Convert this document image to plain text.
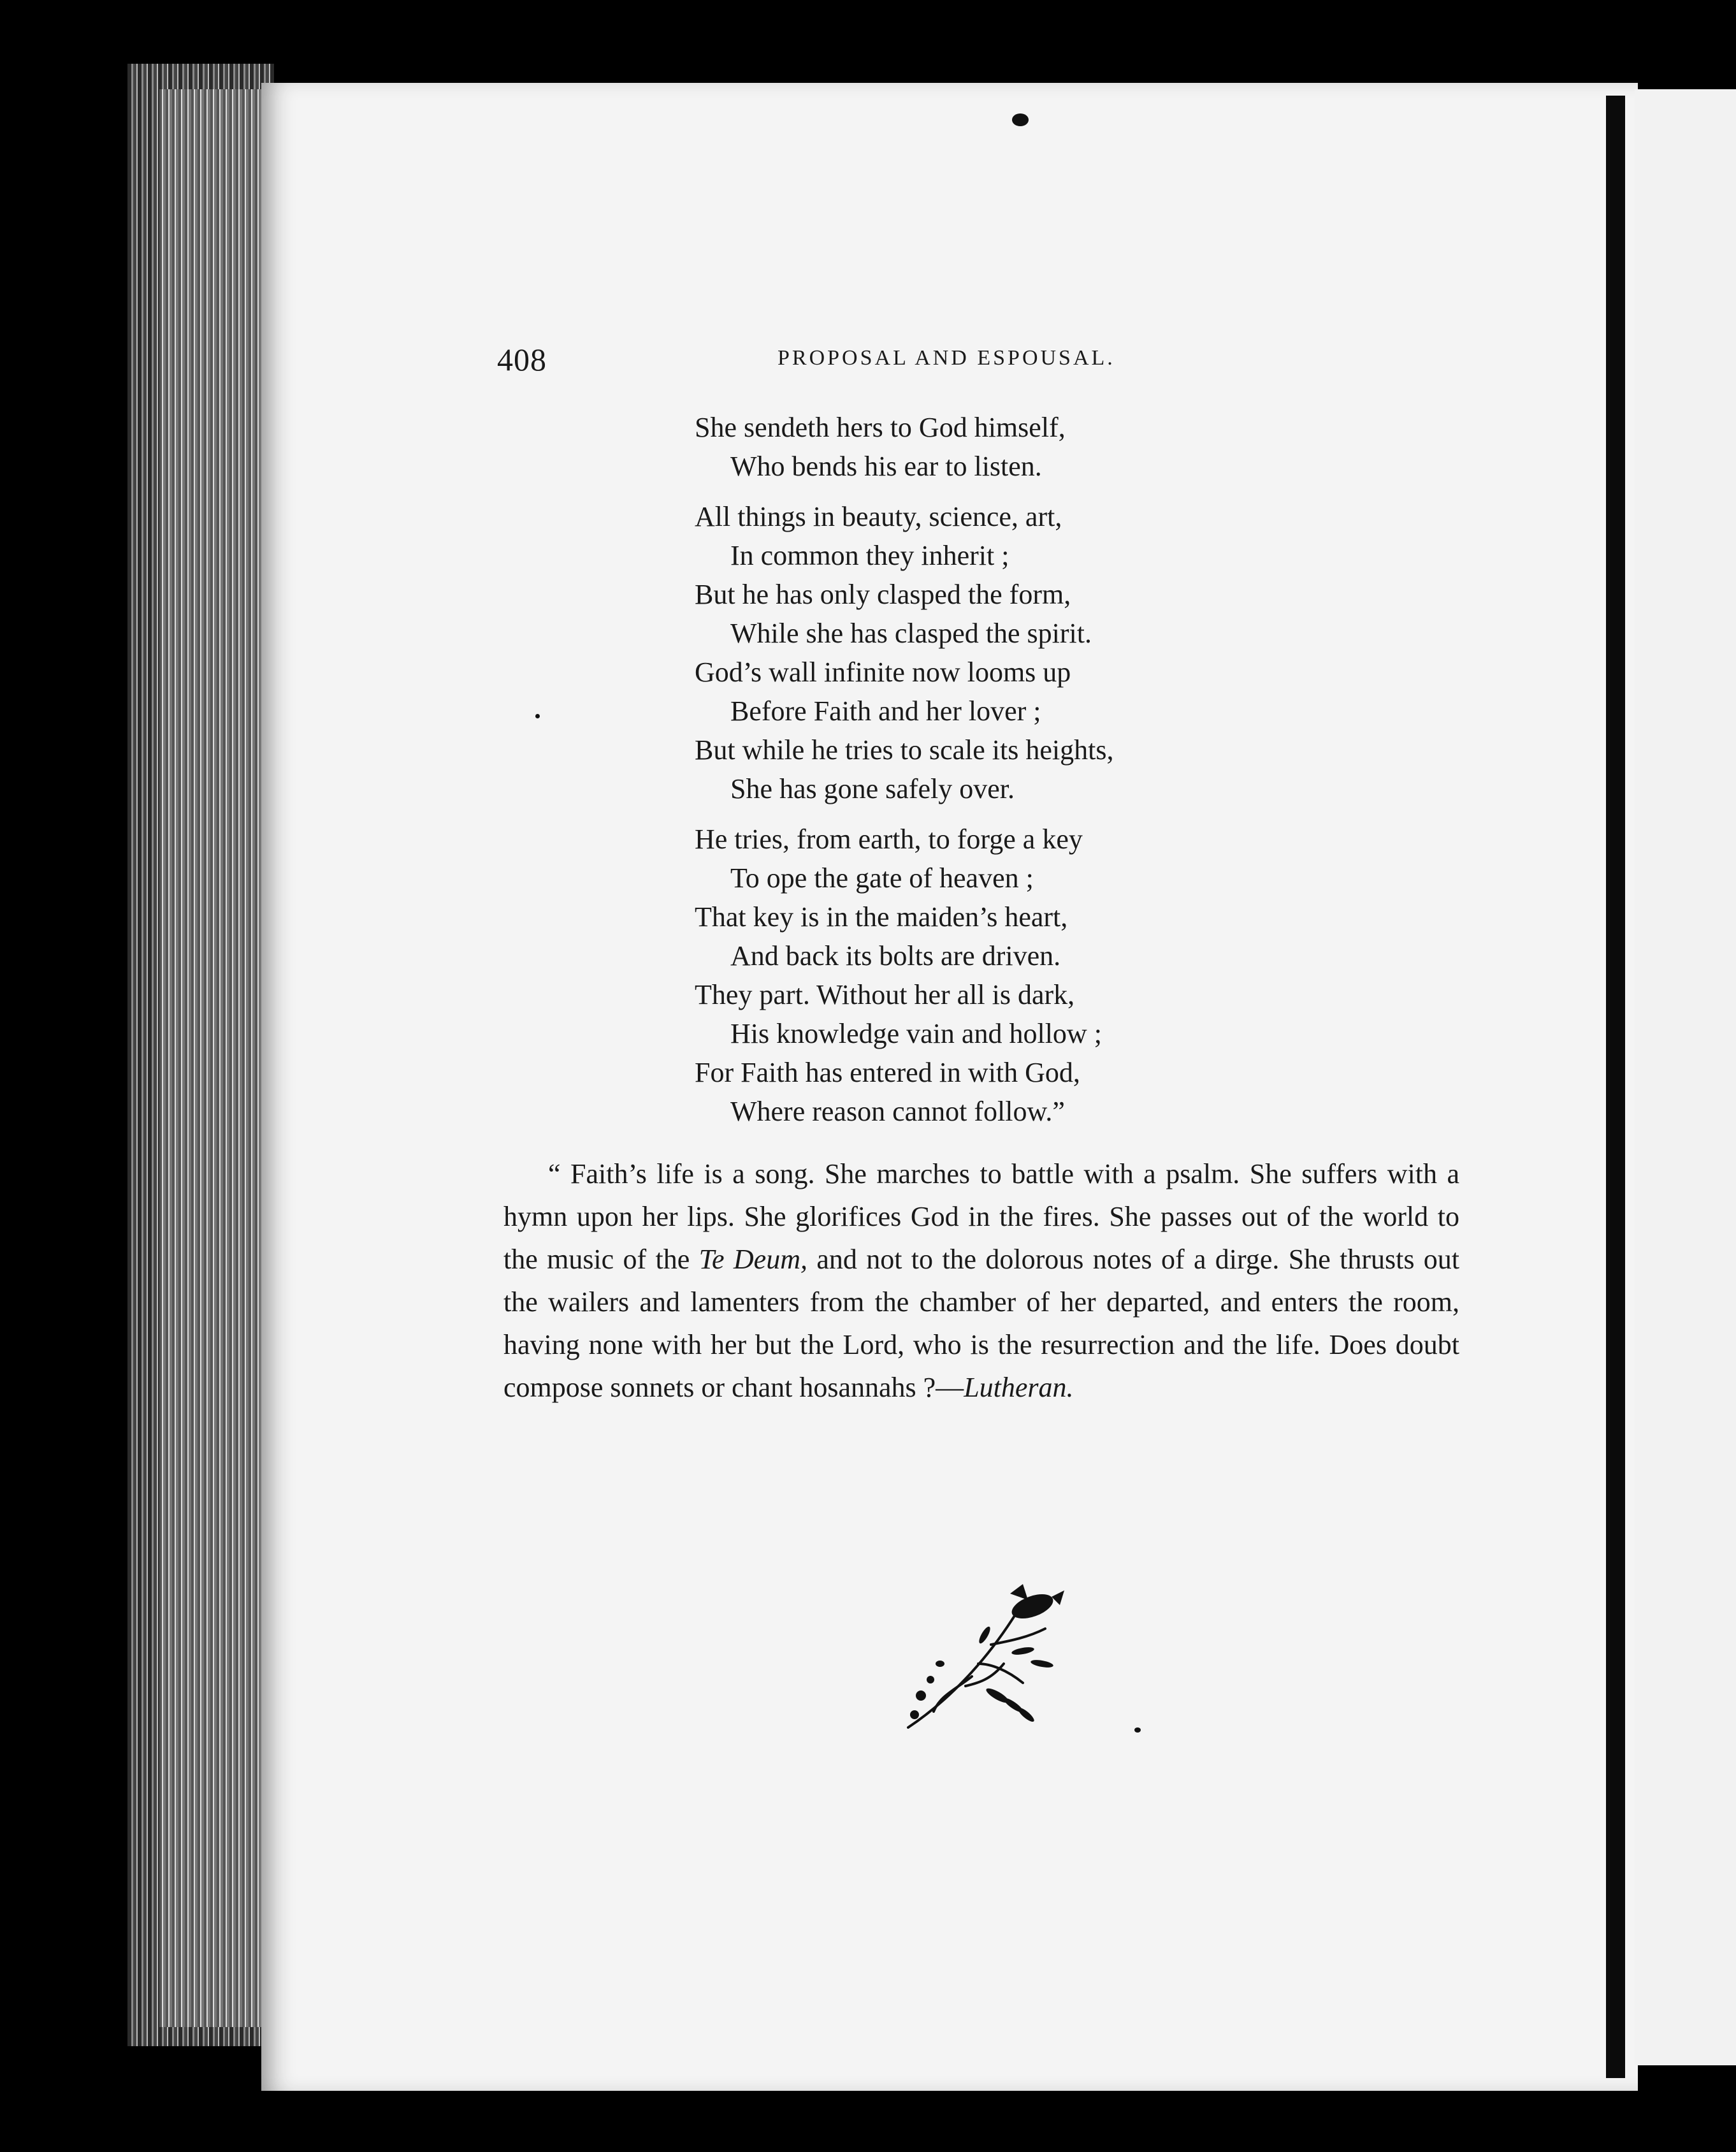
408	PROPOSAL AND ESPOUSAL.
She sendeth hers to God himself,
Who bends his ear to listen.
All things in beauty, science, art,
In common they inherit ;
But he has only clasped the form,
While she has clasped the spirit.
God’s wall infinite now looms up
Before Faith and her lover ;
But while he tries to scale its heights,
She has gone safely over.
He tries, from earth, to forge a key
To ope the gate of heaven ;
That key is in the maiden’s heart,
And back its bolts are driven.
They part. Without her all is dark,
His knowledge vain and hollow ;
For Faith has entered in with God,
Where reason cannot follow.”

“ Faith’s life is a song. She marches to battle with a psalm. She suffers with a hymn upon her lips. She glorifices God in the fires. She passes out of the world to the music of the Te Deum, and not to the dolorous notes of a dirge. She thrusts out the wailers and lamenters from the chamber of her departed, and enters the room, having none with her but the Lord, who is the resurrection and the life. Does doubt compose sonnets or chant hosannahs ?—Lutheran.
